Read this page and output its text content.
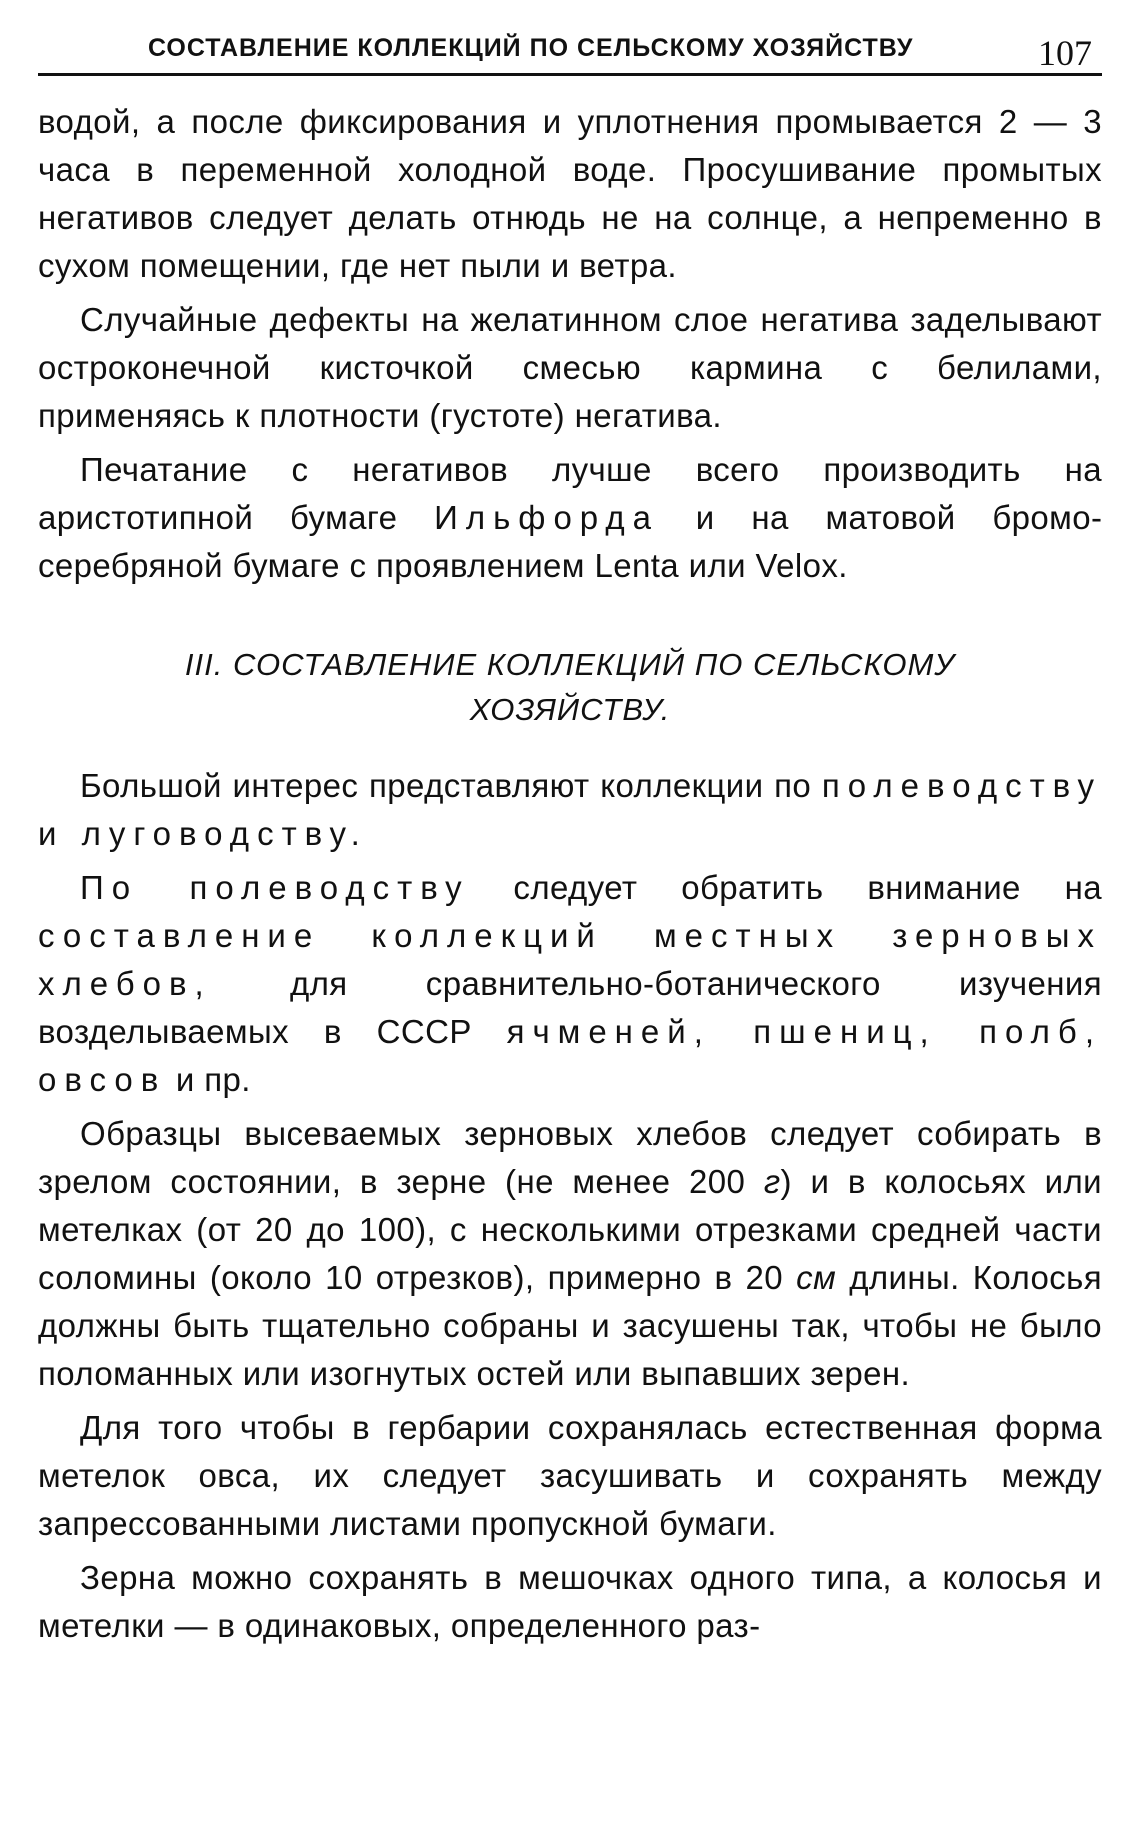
СОСТАВЛЕНИЕ КОЛЛЕКЦИЙ ПО СЕЛЬСКОМУ ХОЗЯЙСТВУ	107

водой, а после фиксирования и уплотнения промывается 2 — 3 часа в переменной холодной воде. Просушивание промытых негативов следует делать отнюдь не на солнце, а непременно в сухом помещении, где нет пыли и ветра.

Случайные дефекты на желатинном слое негатива заделывают остроконечной кисточкой смесью кармина с белилами, применяясь к плотности (густоте) негатива.

Печатание с негативов лучше всего производить на аристотипной бумаге Ильфорда и на матовой бромосеребряной бумаге с проявлением Lenta или Velox.

III. СОСТАВЛЕНИЕ КОЛЛЕКЦИЙ ПО СЕЛЬСКОМУ
ХОЗЯЙСТВУ.

Большой интерес представляют коллекции по полеводству и луговодству.

По полеводству следует обратить внимание на составление коллекций местных зерновых хлебов, для сравнительно-ботанического изучения возделываемых в СССР ячменей, пшениц, полб, овсов и пр.

Образцы высеваемых зерновых хлебов следует собирать в зрелом состоянии, в зерне (не менее 200 г) и в колосьях или метелках (от 20 до 100), с несколькими отрезками средней части соломины (около 10 отрезков), примерно в 20 см длины. Колосья должны быть тщательно собраны и засушены так, чтобы не было поломанных или изогнутых остей или выпавших зерен.

Для того чтобы в гербарии сохранялась естественная форма метелок овса, их следует засушивать и сохранять между запрессованными листами пропускной бумаги.

Зерна можно сохранять в мешочках одного типа, а колосья и метелки — в одинаковых, определенного раз-
